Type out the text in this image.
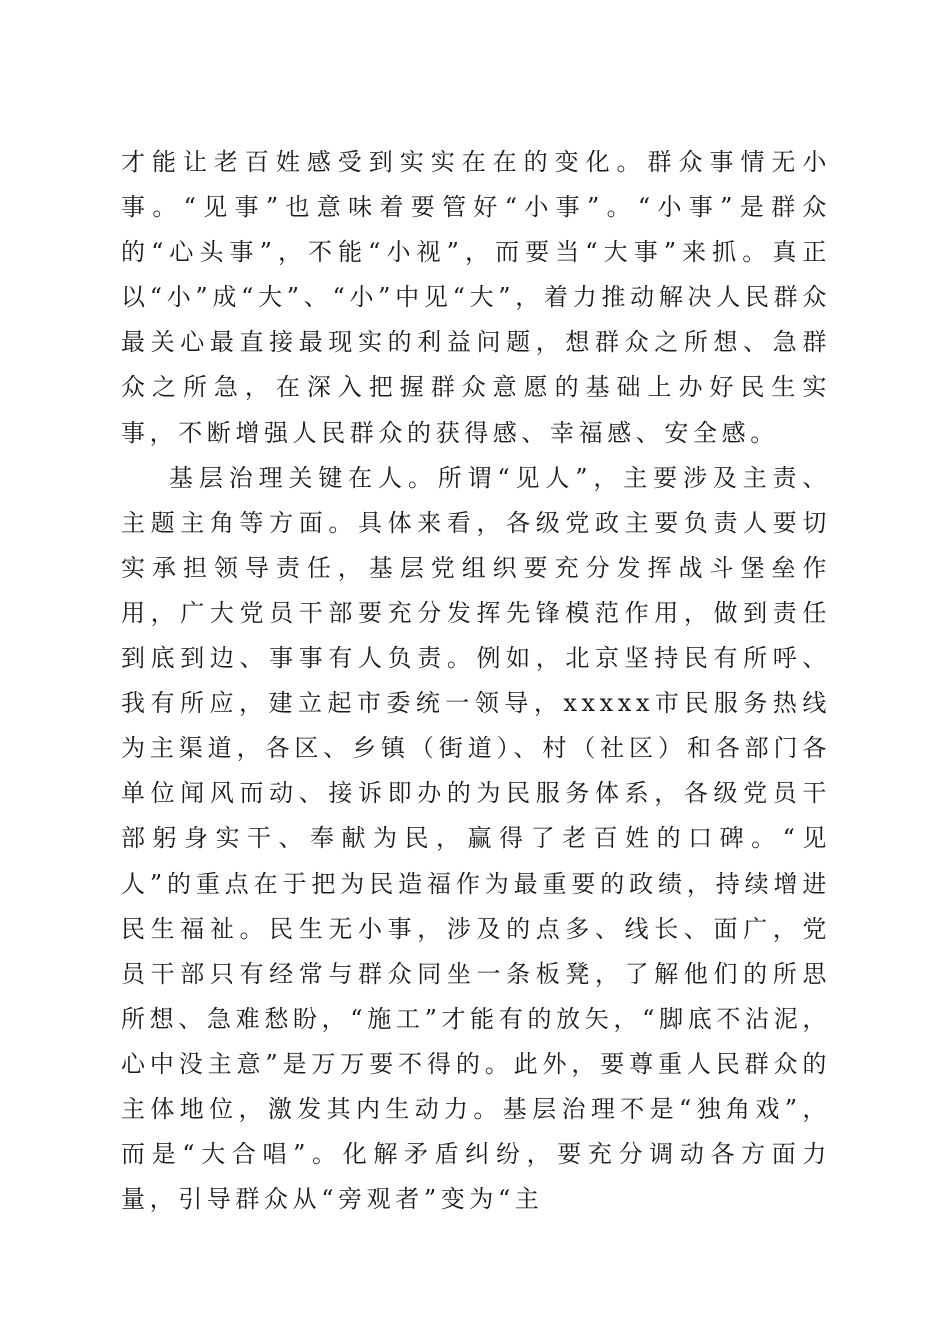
才能让老百姓感受到实实在在的变化。群众事情无小事。“见事”也意味着要管好“小事”。“小事”是群众的“心头事”，不能“小视”，而要当“大事”来抓。真正以“小”成“大”、“小”中见“大”，着力推动解决人民群众最关心最直接最现实的利益问题，想群众之所想、急群众之所急，在深入把握群众意愿的基础上办好民生实事，不断增强人民群众的获得感、幸福感、安全感。

基层治理关键在人。所谓“见人”，主要涉及主责、主题主角等方面。具体来看，各级党政主要负责人要切实承担领导责任，基层党组织要充分发挥战斗堡垒作用，广大党员干部要充分发挥先锋模范作用，做到责任到底到边、事事有人负责。例如，北京坚持民有所呼、我有所应，建立起市委统一领导，xxxxx市民服务热线为主渠道，各区、乡镇（街道）、村（社区）和各部门各单位闻风而动、接诉即办的为民服务体系，各级党员干部躬身实干、奉献为民，赢得了老百姓的口碑。“见人”的重点在于把为民造福作为最重要的政绩，持续增进民生福祉。民生无小事，涉及的点多、线长、面广，党员干部只有经常与群众同坐一条板凳，了解他们的所思所想、急难愁盼，“施工”才能有的放矢，“脚底不沾泥，心中没主意”是万万要不得的。此外，要尊重人民群众的主体地位，激发其内生动力。基层治理不是“独角戏”，而是“大合唱”。化解矛盾纠纷，要充分调动各方面力量，引导群众从“旁观者”变为“主
